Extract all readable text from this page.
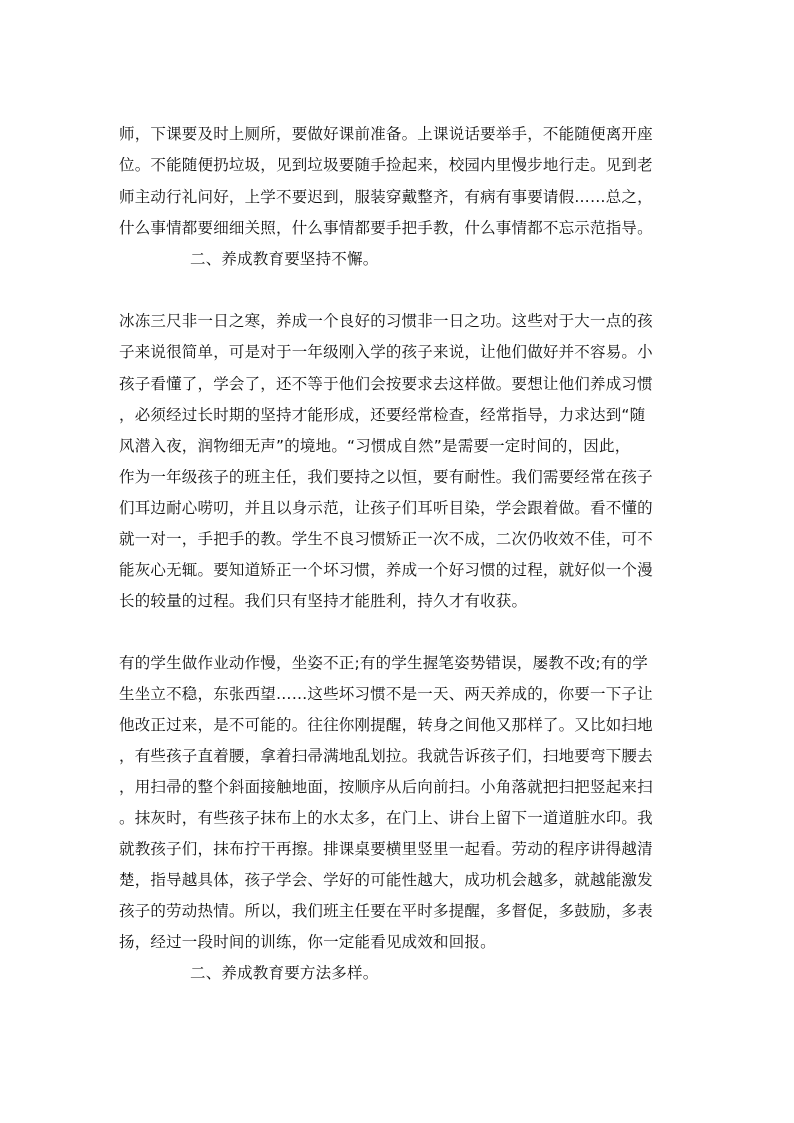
师，下课要及时上厕所，要做好课前准备。上课说话要举手，不能随便离开座
位。不能随便扔垃圾，见到垃圾要随手捡起来，校园内里慢步地行走。见到老
师主动行礼问好，上学不要迟到，服装穿戴整齐，有病有事要请假……总之，
什么事情都要细细关照，什么事情都要手把手教，什么事情都不忘示范指导。
二、养成教育要坚持不懈。
冰冻三尺非一日之寒，养成一个良好的习惯非一日之功。这些对于大一点的孩
子来说很简单，可是对于一年级刚入学的孩子来说，让他们做好并不容易。小
孩子看懂了，学会了，还不等于他们会按要求去这样做。要想让他们养成习惯
，必须经过长时期的坚持才能形成，还要经常检查，经常指导，力求达到“随
风潜入夜，润物细无声”的境地。“习惯成自然”是需要一定时间的，因此，
作为一年级孩子的班主任，我们要持之以恒，要有耐性。我们需要经常在孩子
们耳边耐心唠叨，并且以身示范，让孩子们耳听目染，学会跟着做。看不懂的
就一对一，手把手的教。学生不良习惯矫正一次不成，二次仍收效不佳，可不
能灰心无辄。要知道矫正一个坏习惯，养成一个好习惯的过程，就好似一个漫
长的较量的过程。我们只有坚持才能胜利，持久才有收获。
有的学生做作业动作慢，坐姿不正;有的学生握笔姿势错误，屡教不改;有的学
生坐立不稳，东张西望……这些坏习惯不是一天、两天养成的，你要一下子让
他改正过来，是不可能的。往往你刚提醒，转身之间他又那样了。又比如扫地
，有些孩子直着腰，拿着扫帚满地乱划拉。我就告诉孩子们，扫地要弯下腰去
，用扫帚的整个斜面接触地面，按顺序从后向前扫。小角落就把扫把竖起来扫
。抹灰时，有些孩子抹布上的水太多，在门上、讲台上留下一道道脏水印。我
就教孩子们，抹布拧干再擦。排课桌要横里竖里一起看。劳动的程序讲得越清
楚，指导越具体，孩子学会、学好的可能性越大，成功机会越多，就越能激发
孩子的劳动热情。所以，我们班主任要在平时多提醒，多督促，多鼓励，多表
扬，经过一段时间的训练，你一定能看见成效和回报。
二、养成教育要方法多样。
